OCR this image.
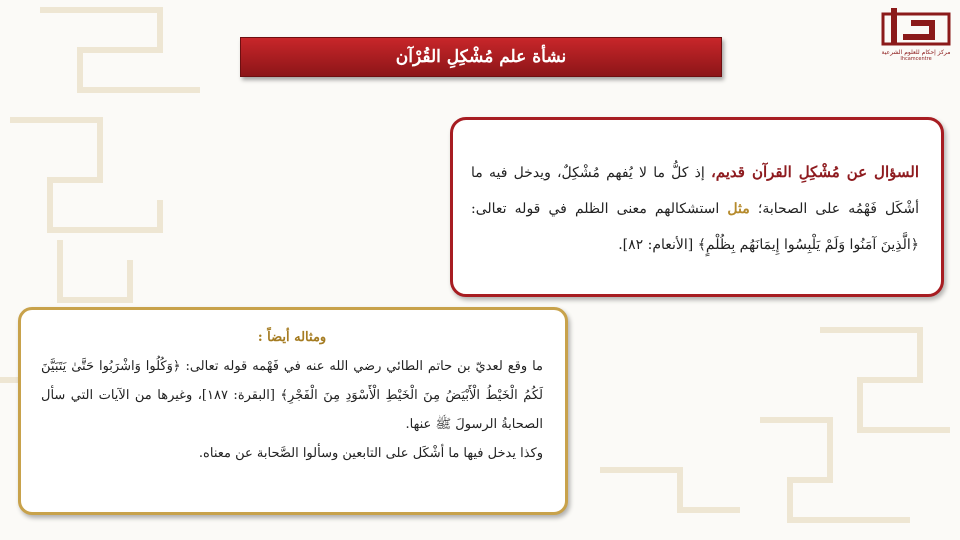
مركز إحكام للعلوم الشرعية
Ihcamcentre
نشأة علم مُشْكِلِ القُرْآن
السؤال عن مُشْكِلِ القرآن قديم، إذ كلُّ ما لا يُفهم مُشْكِلٌ، ويدخل فيه ما أشْكَل فَهْمُه على الصحابة؛ مثل استشكالهم معنى الظلم في قوله تعالى: ﴿الَّذِينَ آمَنُوا وَلَمْ يَلْبِسُوا إِيمَانَهُم بِظُلْمٍ﴾ [الأنعام: ٨٢].
ومثاله أيضاً :

ما وقع لعديّ بن حاتم الطائي رضي الله عنه في فَهْمه قوله تعالى: ﴿وَكُلُوا وَاشْرَبُوا حَتَّىٰ يَتَبَيَّنَ لَكُمُ الْخَيْطُ الْأَبْيَضُ مِنَ الْخَيْطِ الْأَسْوَدِ مِنَ الْفَجْرِ﴾ [البقرة: ١٨٧]، وغيرها من الآيات التي سأل الصحابةُ الرسولَ ﷺ عنها.

وكذا يدخل فيها ما أشْكَل على التابعين وسألوا الصَّحابة عن معناه.
